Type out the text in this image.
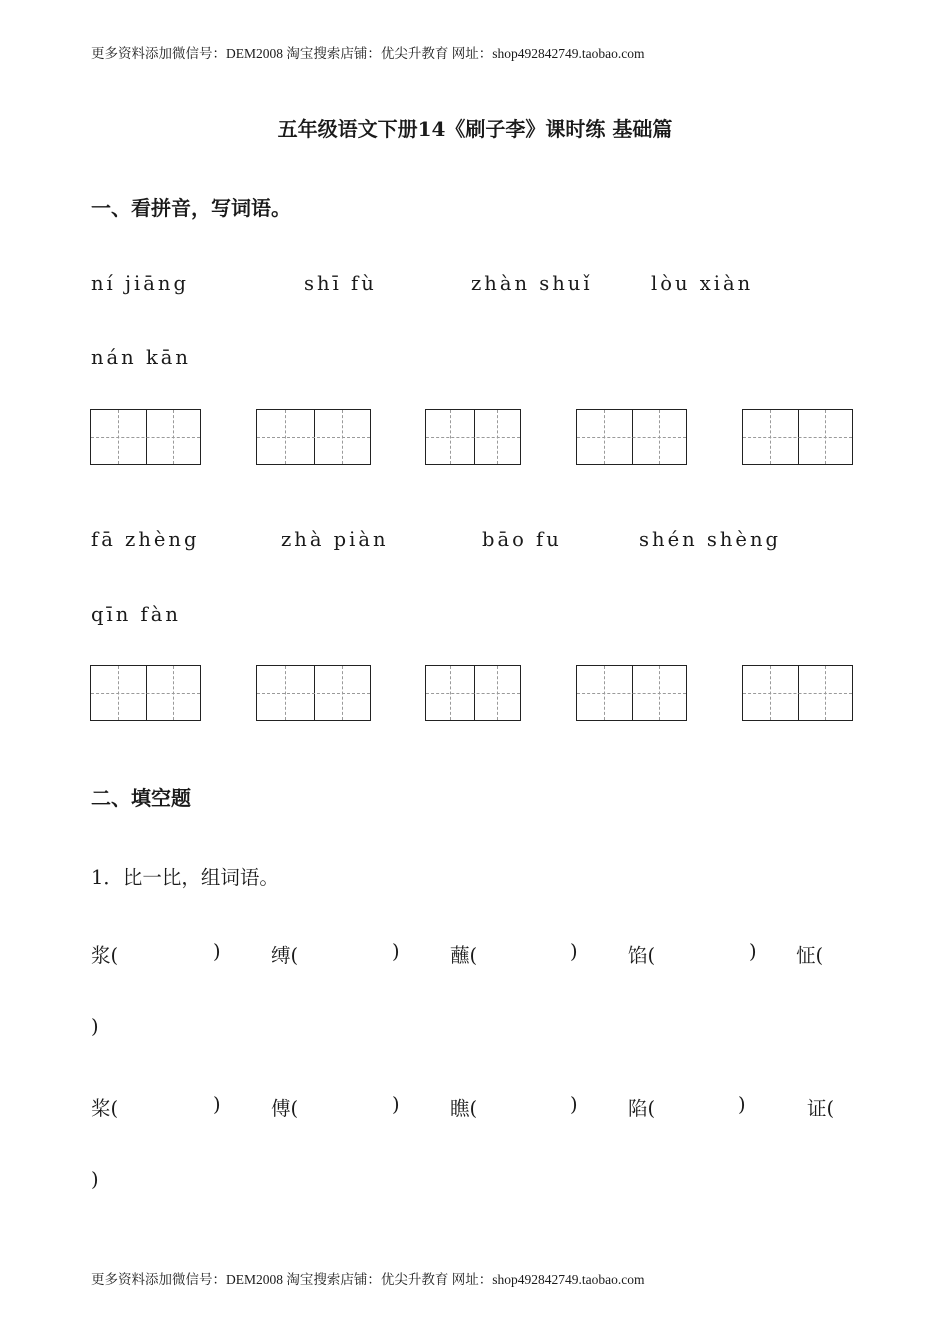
更多资料添加微信号：DEM2008 淘宝搜索店铺：优尖升教育 网址：shop492842749.taobao.com
五年级语文下册14《刷子李》课时练 基础篇
一、看拼音，写词语。
ní jiāng	shī fù	zhàn shuǐ	lòu xiàn
nán kān
fā zhèng	zhà piàn	bāo fu	shén shèng
qīn fàn
二、填空题
1．比一比，组词语。
浆(	)	缚(	)	蘸(	)	馅(	) 怔(
)
桨(	)	傅(	)	瞧(	)	陷(	)	证(
)
更多资料添加微信号：DEM2008 淘宝搜索店铺：优尖升教育 网址：shop492842749.taobao.com
